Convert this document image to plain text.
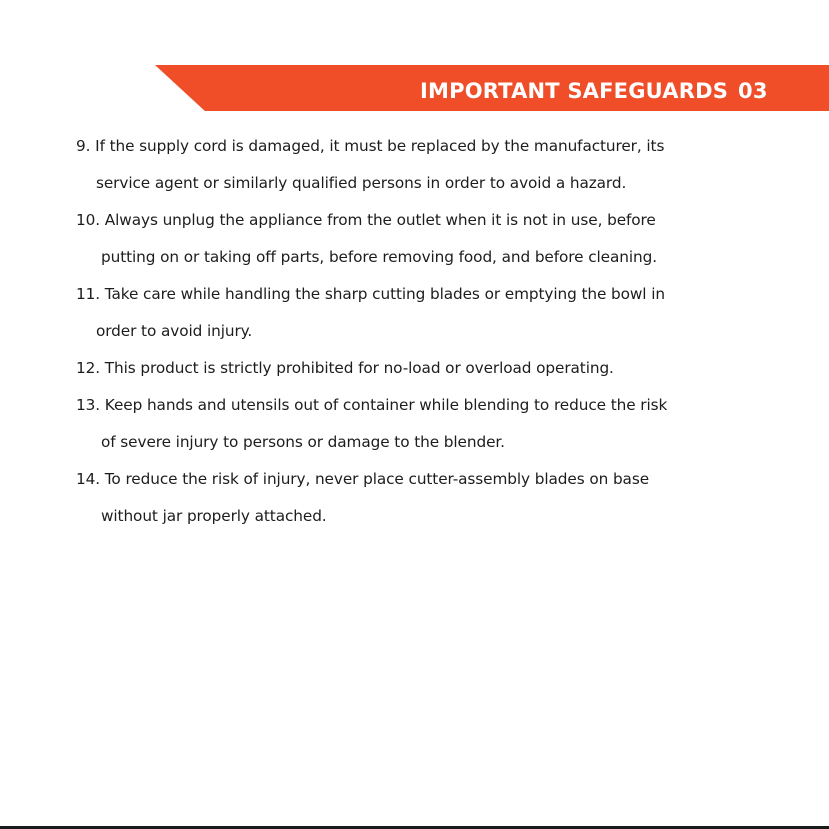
IMPORTANT SAFEGUARDS 03
9. If the supply cord is damaged, it must be replaced by the manufacturer, its
service agent or similarly qualified persons in order to avoid a hazard.
10. Always unplug the appliance from the outlet when it is not in use, before
putting on or taking off parts, before removing food, and before cleaning.
11. Take care while handling the sharp cutting blades or emptying the bowl in
order to avoid injury.
12. This product is strictly prohibited for no-load or overload operating.
13. Keep hands and utensils out of container while blending to reduce the risk
of severe injury to persons or damage to the blender.
14. To reduce the risk of injury, never place cutter-assembly blades on base
without jar properly attached.
